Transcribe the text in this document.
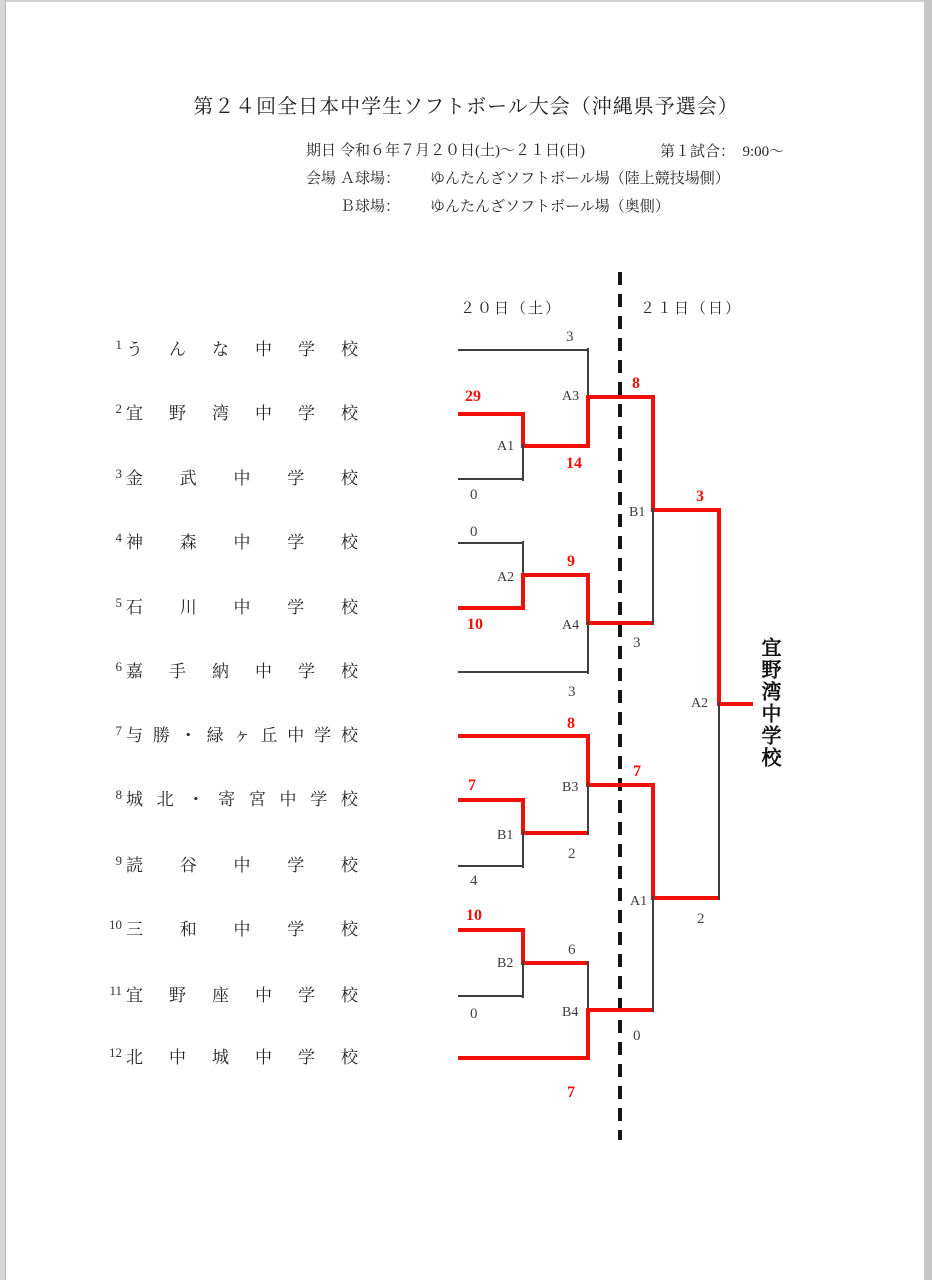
第２４回全日本中学生ソフトボール大会（沖縄県予選会）
期日 令和６年７月２０日(土)～２１日(日)	第１試合：　9:00～
会場 Ａ球場： ゆんたんざソフトボール場（陸上競技場側）
Ｂ球場： ゆんたんざソフトボール場（奥側）
２０日（土）	２１日（日）
1 う ん な 中 学 校
2 宜 野 湾 中 学 校
3 金 武 中 学 校
4 神 森 中 学 校
5 石 川 中 学 校
6 嘉 手 納 中 学 校
7 与 勝 ・ 緑 ヶ 丘 中 学 校
8 城 北 ・ 寄 宮 中 学 校
9 読 谷 中 学 校
10 三 和 中 学 校
11 宜 野 座 中 学 校
12 北 中 城 中 学 校
A1
A2
B1
B2
A3
A4
B3
B4
B1
A1
A2
29
0
0
10
7
4
10
0
3
14
9
3
8
2
6
7
8
3
7
0
3
2
宜野湾中学校
